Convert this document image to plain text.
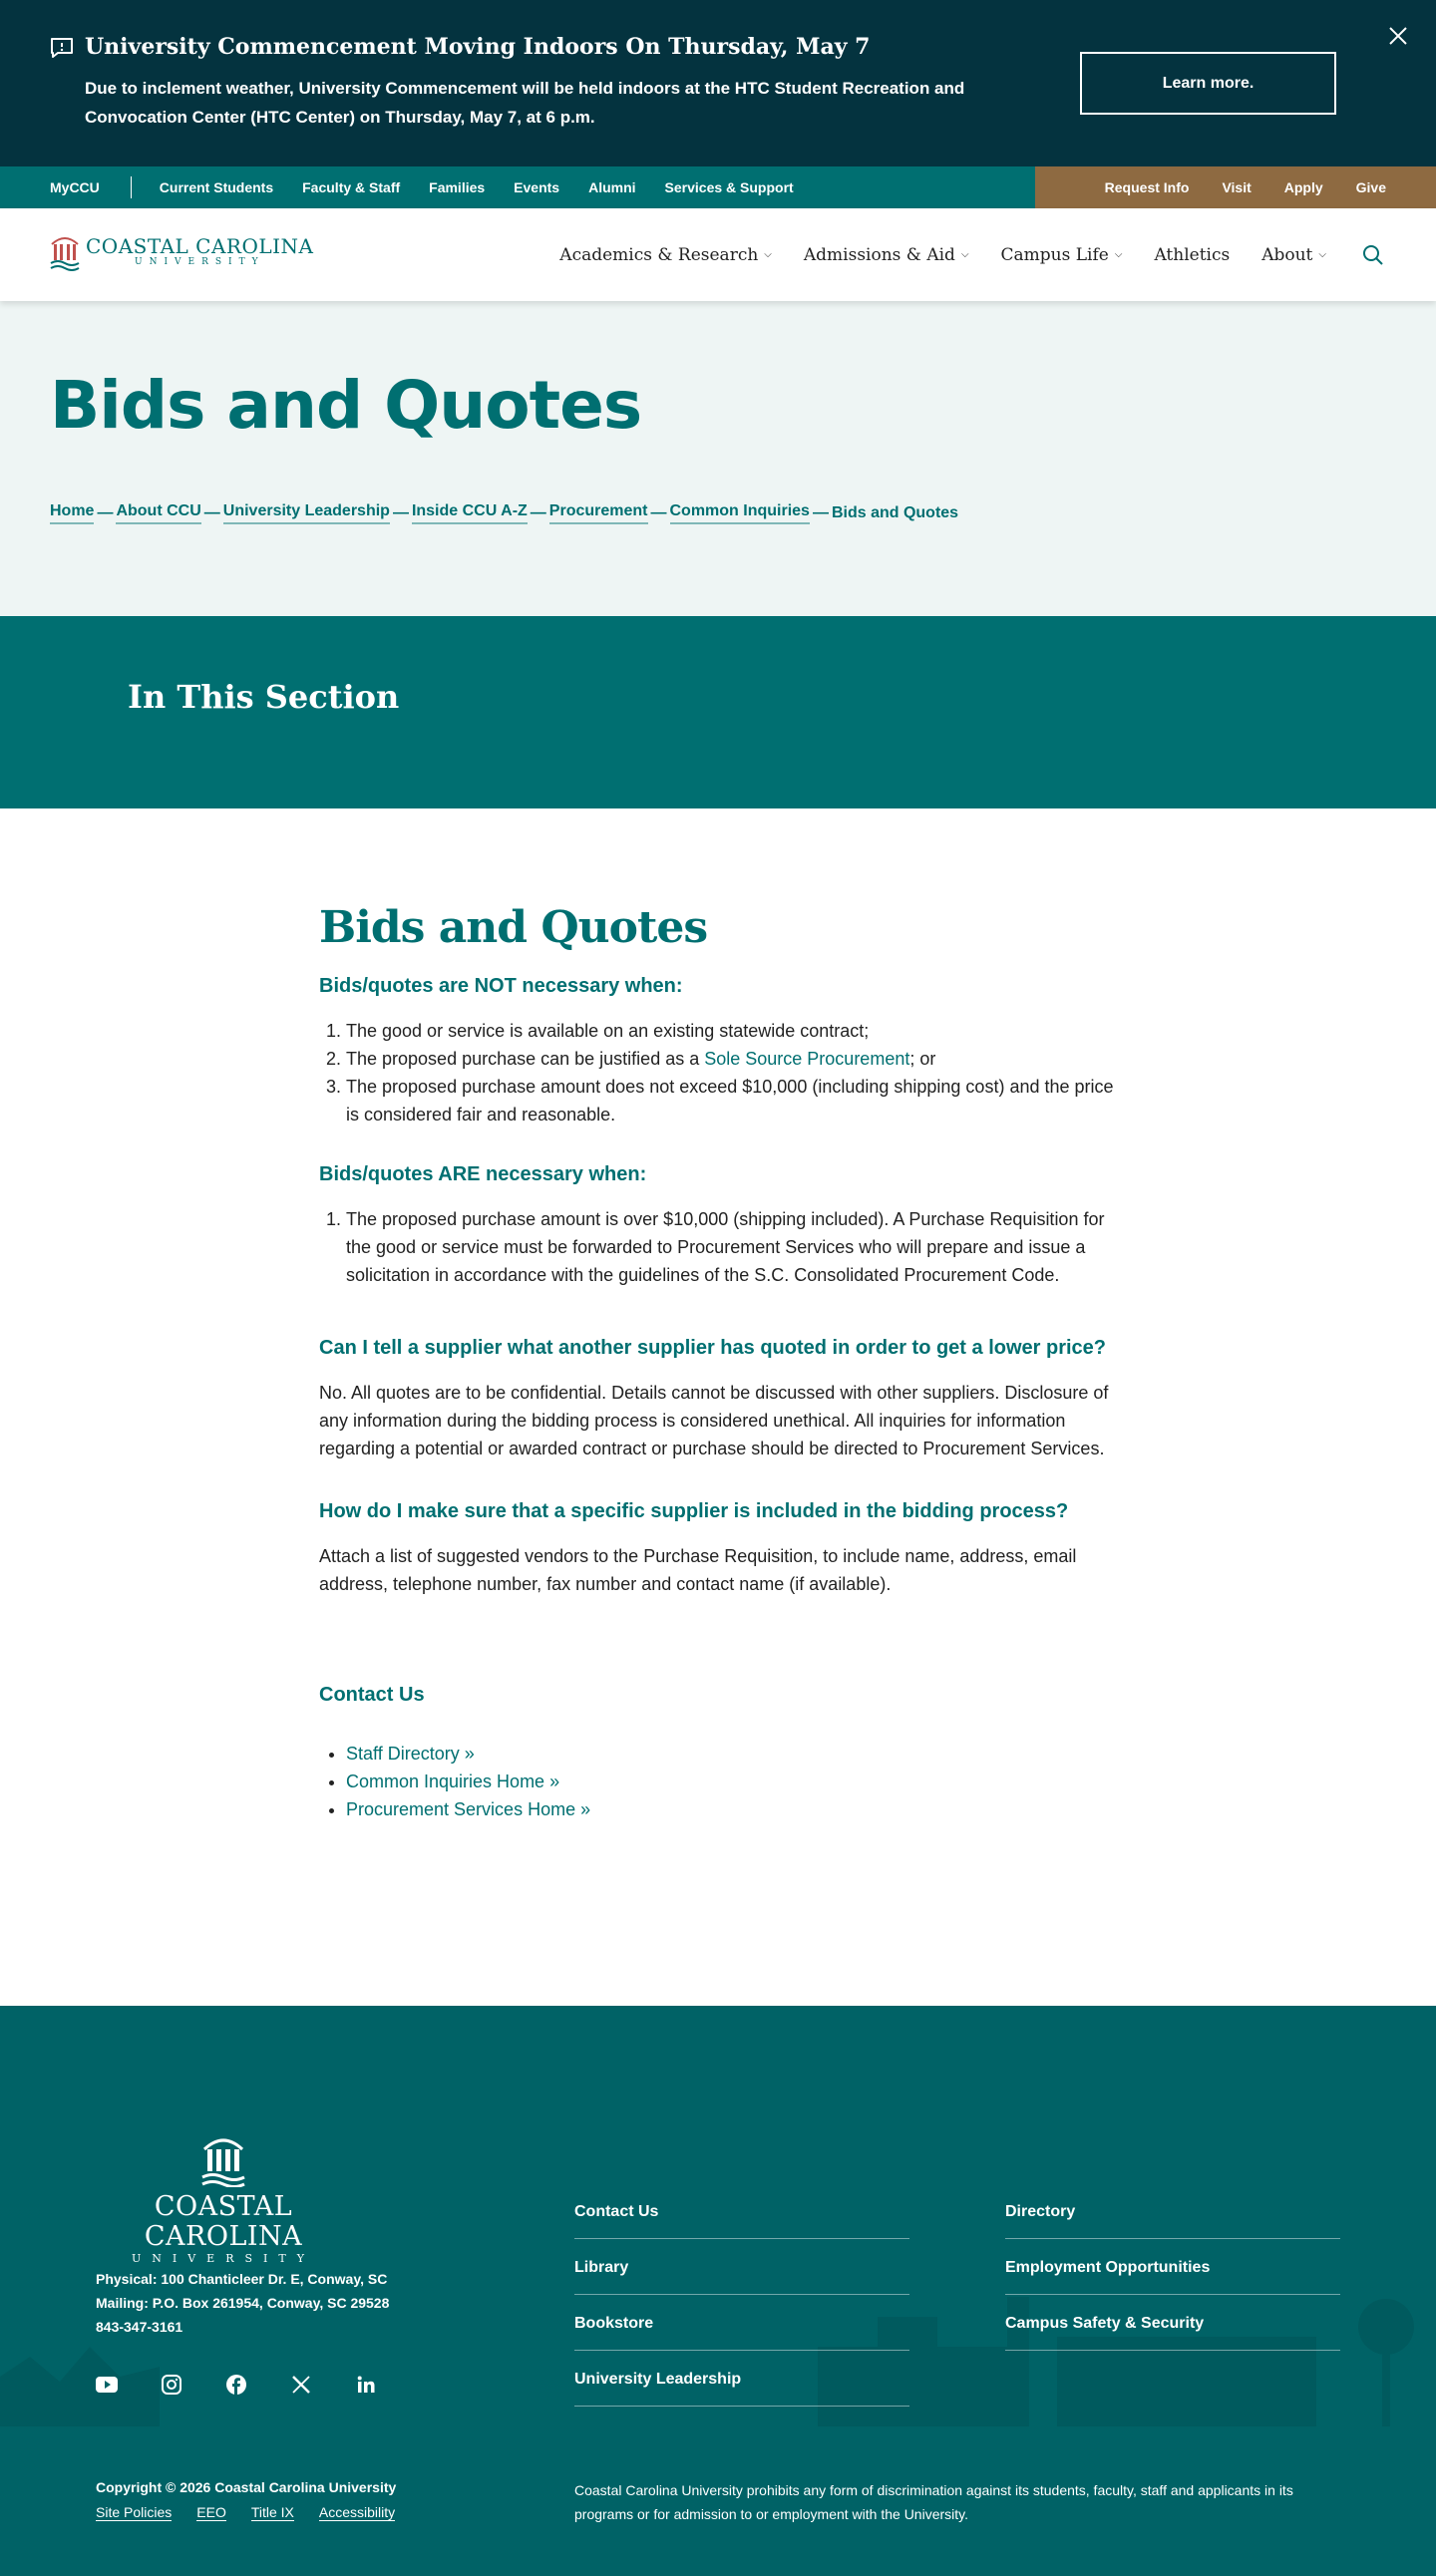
University Commencement Moving Indoors On Thursday, May 7
Due to inclement weather, University Commencement will be held indoors at the HTC Student Recreation and Convocation Center (HTC Center) on Thursday, May 7, at 6 p.m.
Learn more.
MyCCU	Current Students Faculty & Staff Families Events Alumni Services & Support	Request Info Visit Apply Give
COASTAL CAROLINA
UNIVERSITY	Academics & Research ⌵ Admissions & Aid ⌵ Campus Life ⌵ Athletics About ⌵
Bids and Quotes
Home — About CCU — University Leadership — Inside CCU A-Z — Procurement — Common Inquiries — Bids and Quotes
In This Section
Bids and Quotes
Bids/quotes are NOT necessary when:
1. The good or service is available on an existing statewide contract;
2. The proposed purchase can be justified as a Sole Source Procurement; or
3. The proposed purchase amount does not exceed $10,000 (including shipping cost) and the price is considered fair and reasonable.
Bids/quotes ARE necessary when:
1. The proposed purchase amount is over $10,000 (shipping included). A Purchase Requisition for the good or service must be forwarded to Procurement Services who will prepare and issue a solicitation in accordance with the guidelines of the S.C. Consolidated Procurement Code.
Can I tell a supplier what another supplier has quoted in order to get a lower price?

No. All quotes are to be confidential. Details cannot be discussed with other suppliers. Disclosure of any information during the bidding process is considered unethical. All inquiries for information regarding a potential or awarded contract or purchase should be directed to Procurement Services.

How do I make sure that a specific supplier is included in the bidding process?

Attach a list of suggested vendors to the Purchase Requisition, to include name, address, email address, telephone number, fax number and contact name (if available).

Contact Us
• Staff Directory »
• Common Inquiries Home »
• Procurement Services Home »
COASTAL CAROLINA
UNIVERSITY
Physical: 100 Chanticleer Dr. E, Conway, SC
Mailing: P.O. Box 261954, Conway, SC 29528
843-347-3161
Contact Us
Library
Bookstore
University Leadership
Directory
Employment Opportunities
Campus Safety & Security
Copyright © 2026 Coastal Carolina University
Site Policies EEO Title IX Accessibility
Coastal Carolina University prohibits any form of discrimination against its students, faculty, staff and applicants in its programs or for admission to or employment with the University.
